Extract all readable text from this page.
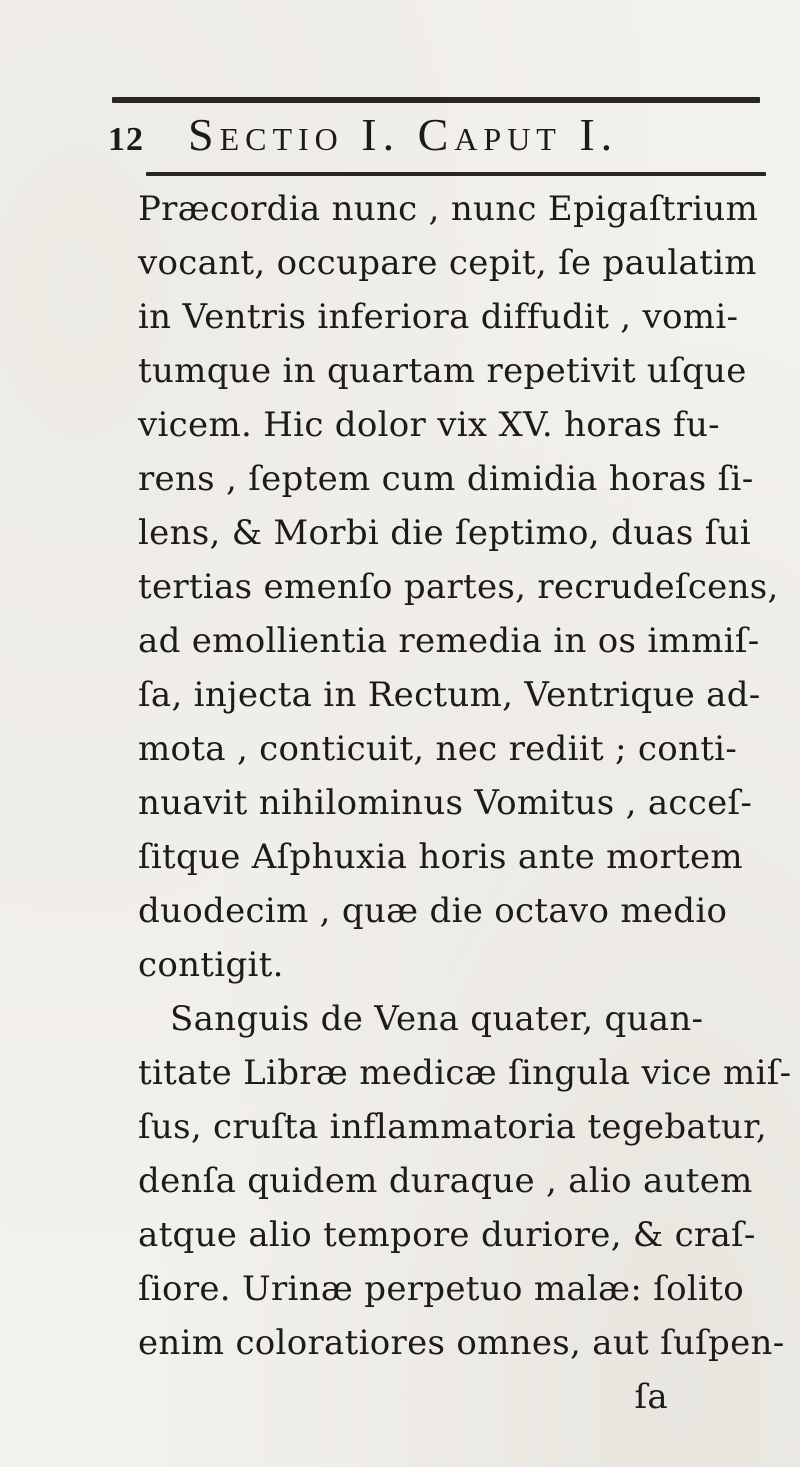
12 Sectio I. Caput I.
Præcordia nunc , nunc Epigaſtrium
vocant, occupare cepit, ſe paulatim
in Ventris inferiora diffudit , vomi-
tumque in quartam repetivit uſque
vicem. Hic dolor vix XV. horas fu-
rens , ſeptem cum dimidia horas ſi-
lens, & Morbi die ſeptimo, duas ſui
tertias emenſo partes, recrudeſcens,
ad emollientia remedia in os immiſ-
ſa, injecta in Rectum, Ventrique ad-
mota , conticuit, nec rediit ; conti-
nuavit nihilominus Vomitus , acceſ-
ſitque Aſphuxia horis ante mortem
duodecim , quæ die octavo medio
contigit.
Sanguis de Vena quater, quan-
titate Libræ medicæ ſingula vice miſ-
ſus, cruſta inflammatoria tegebatur,
denſa quidem duraque , alio autem
atque alio tempore duriore, & craſ-
ſiore. Urinæ perpetuo malæ: ſolito
enim coloratiores omnes, aut ſuſpen-
ſa
